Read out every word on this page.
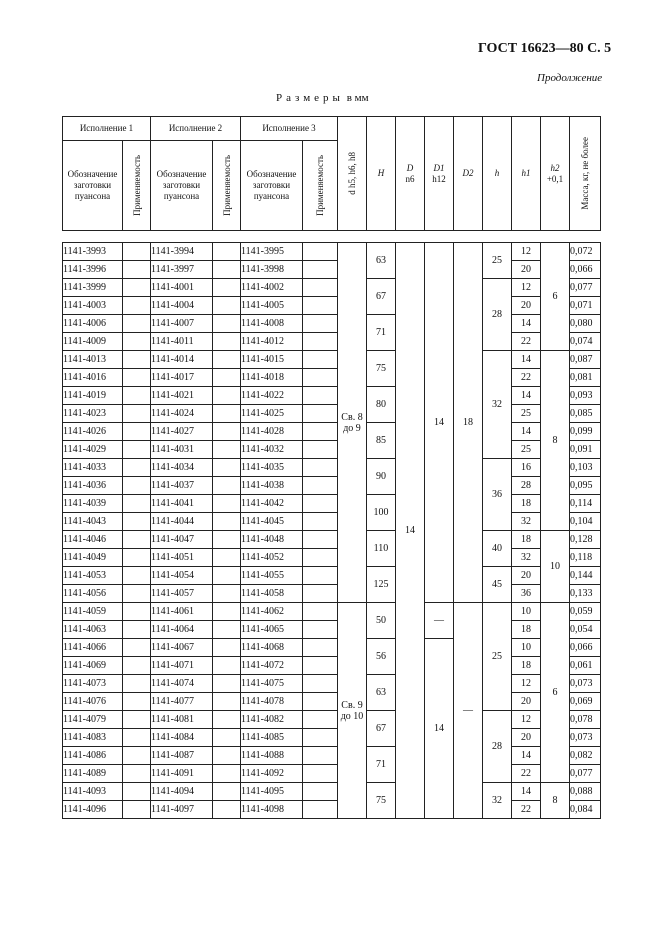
ГОСТ 16623—80 С. 5
Продолжение
Размеры в мм
Исполнение 1		Исполнение 2		Исполнение 3		d h5, h6, h8	H	D
n6	D1
h12	D2	h	h1	h2
+0,1	Масса, кг, не более

Обозначение заготовки пуансона	Применяемость	Обозначение заготовки пуансона	Применяемость	Обозначение заготовки пуансона	Применяемость									

1141-3993		1141-3994		1141-3995		Св. 8 до 9	63	14	14	18	25	12	6	0,072
1141-3996		1141-3997		1141-3998								20		0,066
1141-3999		1141-4001		1141-4002			67				28	12		0,077
1141-4003		1141-4004		1141-4005								20		0,071
1141-4006		1141-4007		1141-4008			71					14		0,080
1141-4009		1141-4011		1141-4012								22		0,074
1141-4013		1141-4014		1141-4015			75				32	14	8	0,087
1141-4016		1141-4017		1141-4018								22		0,081
1141-4019		1141-4021		1141-4022			80					14		0,093
1141-4023		1141-4024		1141-4025								25		0,085
1141-4026		1141-4027		1141-4028			85					14		0,099
1141-4029		1141-4031		1141-4032								25		0,091
1141-4033		1141-4034		1141-4035			90				36	16		0,103
1141-4036		1141-4037		1141-4038								28		0,095
1141-4039		1141-4041		1141-4042			100					18		0,114
1141-4043		1141-4044		1141-4045								32		0,104
1141-4046		1141-4047		1141-4048			110				40	18	10	0,128
1141-4049		1141-4051		1141-4052								32		0,118
1141-4053		1141-4054		1141-4055			125				45	20		0,144
1141-4056		1141-4057		1141-4058								36		0,133
1141-4059		1141-4061		1141-4062		Св. 9 до 10	50		—	—	25	10	6	0,059
1141-4063		1141-4064		1141-4065								18		0,054
1141-4066		1141-4067		1141-4068			56		14			10		0,066
1141-4069		1141-4071		1141-4072								18		0,061
1141-4073		1141-4074		1141-4075			63					12		0,073
1141-4076		1141-4077		1141-4078								20		0,069
1141-4079		1141-4081		1141-4082			67				28	12		0,078
1141-4083		1141-4084		1141-4085								20		0,073
1141-4086		1141-4087		1141-4088			71					14		0,082
1141-4089		1141-4091		1141-4092								22		0,077
1141-4093		1141-4094		1141-4095			75				32	14	8	0,088
1141-4096		1141-4097		1141-4098								22		0,084
